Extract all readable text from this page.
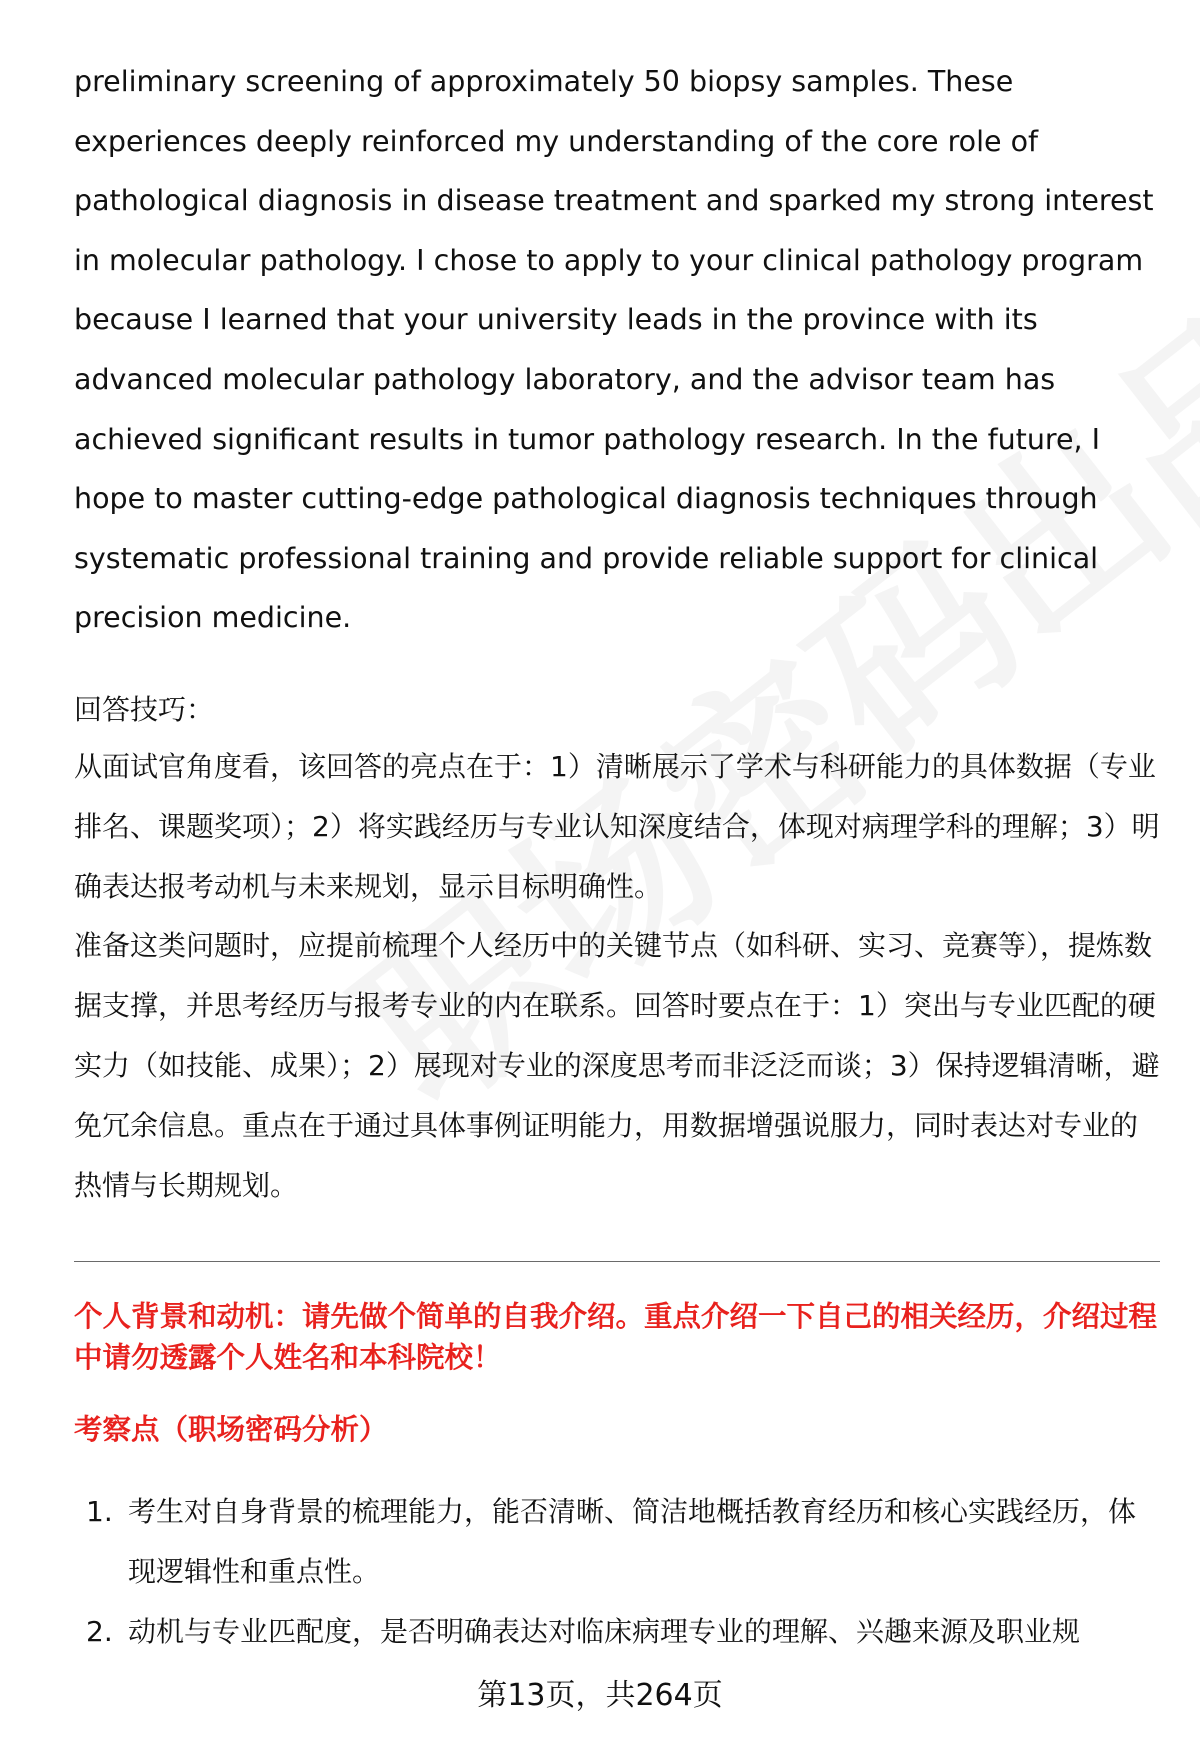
preliminary screening of approximately 50 biopsy samples. These experiences deeply reinforced my understanding of the core role of pathological diagnosis in disease treatment and sparked my strong interest in molecular pathology. I chose to apply to your clinical pathology program because I learned that your university leads in the province with its advanced molecular pathology laboratory, and the advisor team has achieved significant results in tumor pathology research. In the future, I hope to master cutting-edge pathological diagnosis techniques through systematic professional training and provide reliable support for clinical precision medicine.

回答技巧：

从面试官角度看，该回答的亮点在于：1）清晰展示了学术与科研能力的具体数据（专业排名、课题奖项）；2）将实践经历与专业认知深度结合，体现对病理学科的理解；3）明确表达报考动机与未来规划，显示目标明确性。
准备这类问题时，应提前梳理个人经历中的关键节点（如科研、实习、竞赛等），提炼数据支撑，并思考经历与报考专业的内在联系。回答时要点在于：1）突出与专业匹配的硬实力（如技能、成果）；2）展现对专业的深度思考而非泛泛而谈；3）保持逻辑清晰，避免冗余信息。重点在于通过具体事例证明能力，用数据增强说服力，同时表达对专业的热情与长期规划。

个人背景和动机：请先做个简单的自我介绍。重点介绍一下自己的相关经历，介绍过程中请勿透露个人姓名和本科院校！

考察点（职场密码分析）

1. 考生对自身背景的梳理能力，能否清晰、简洁地概括教育经历和核心实践经历，体现逻辑性和重点性。
2. 动机与专业匹配度，是否明确表达对临床病理专业的理解、兴趣来源及职业规
第13页，共264页
